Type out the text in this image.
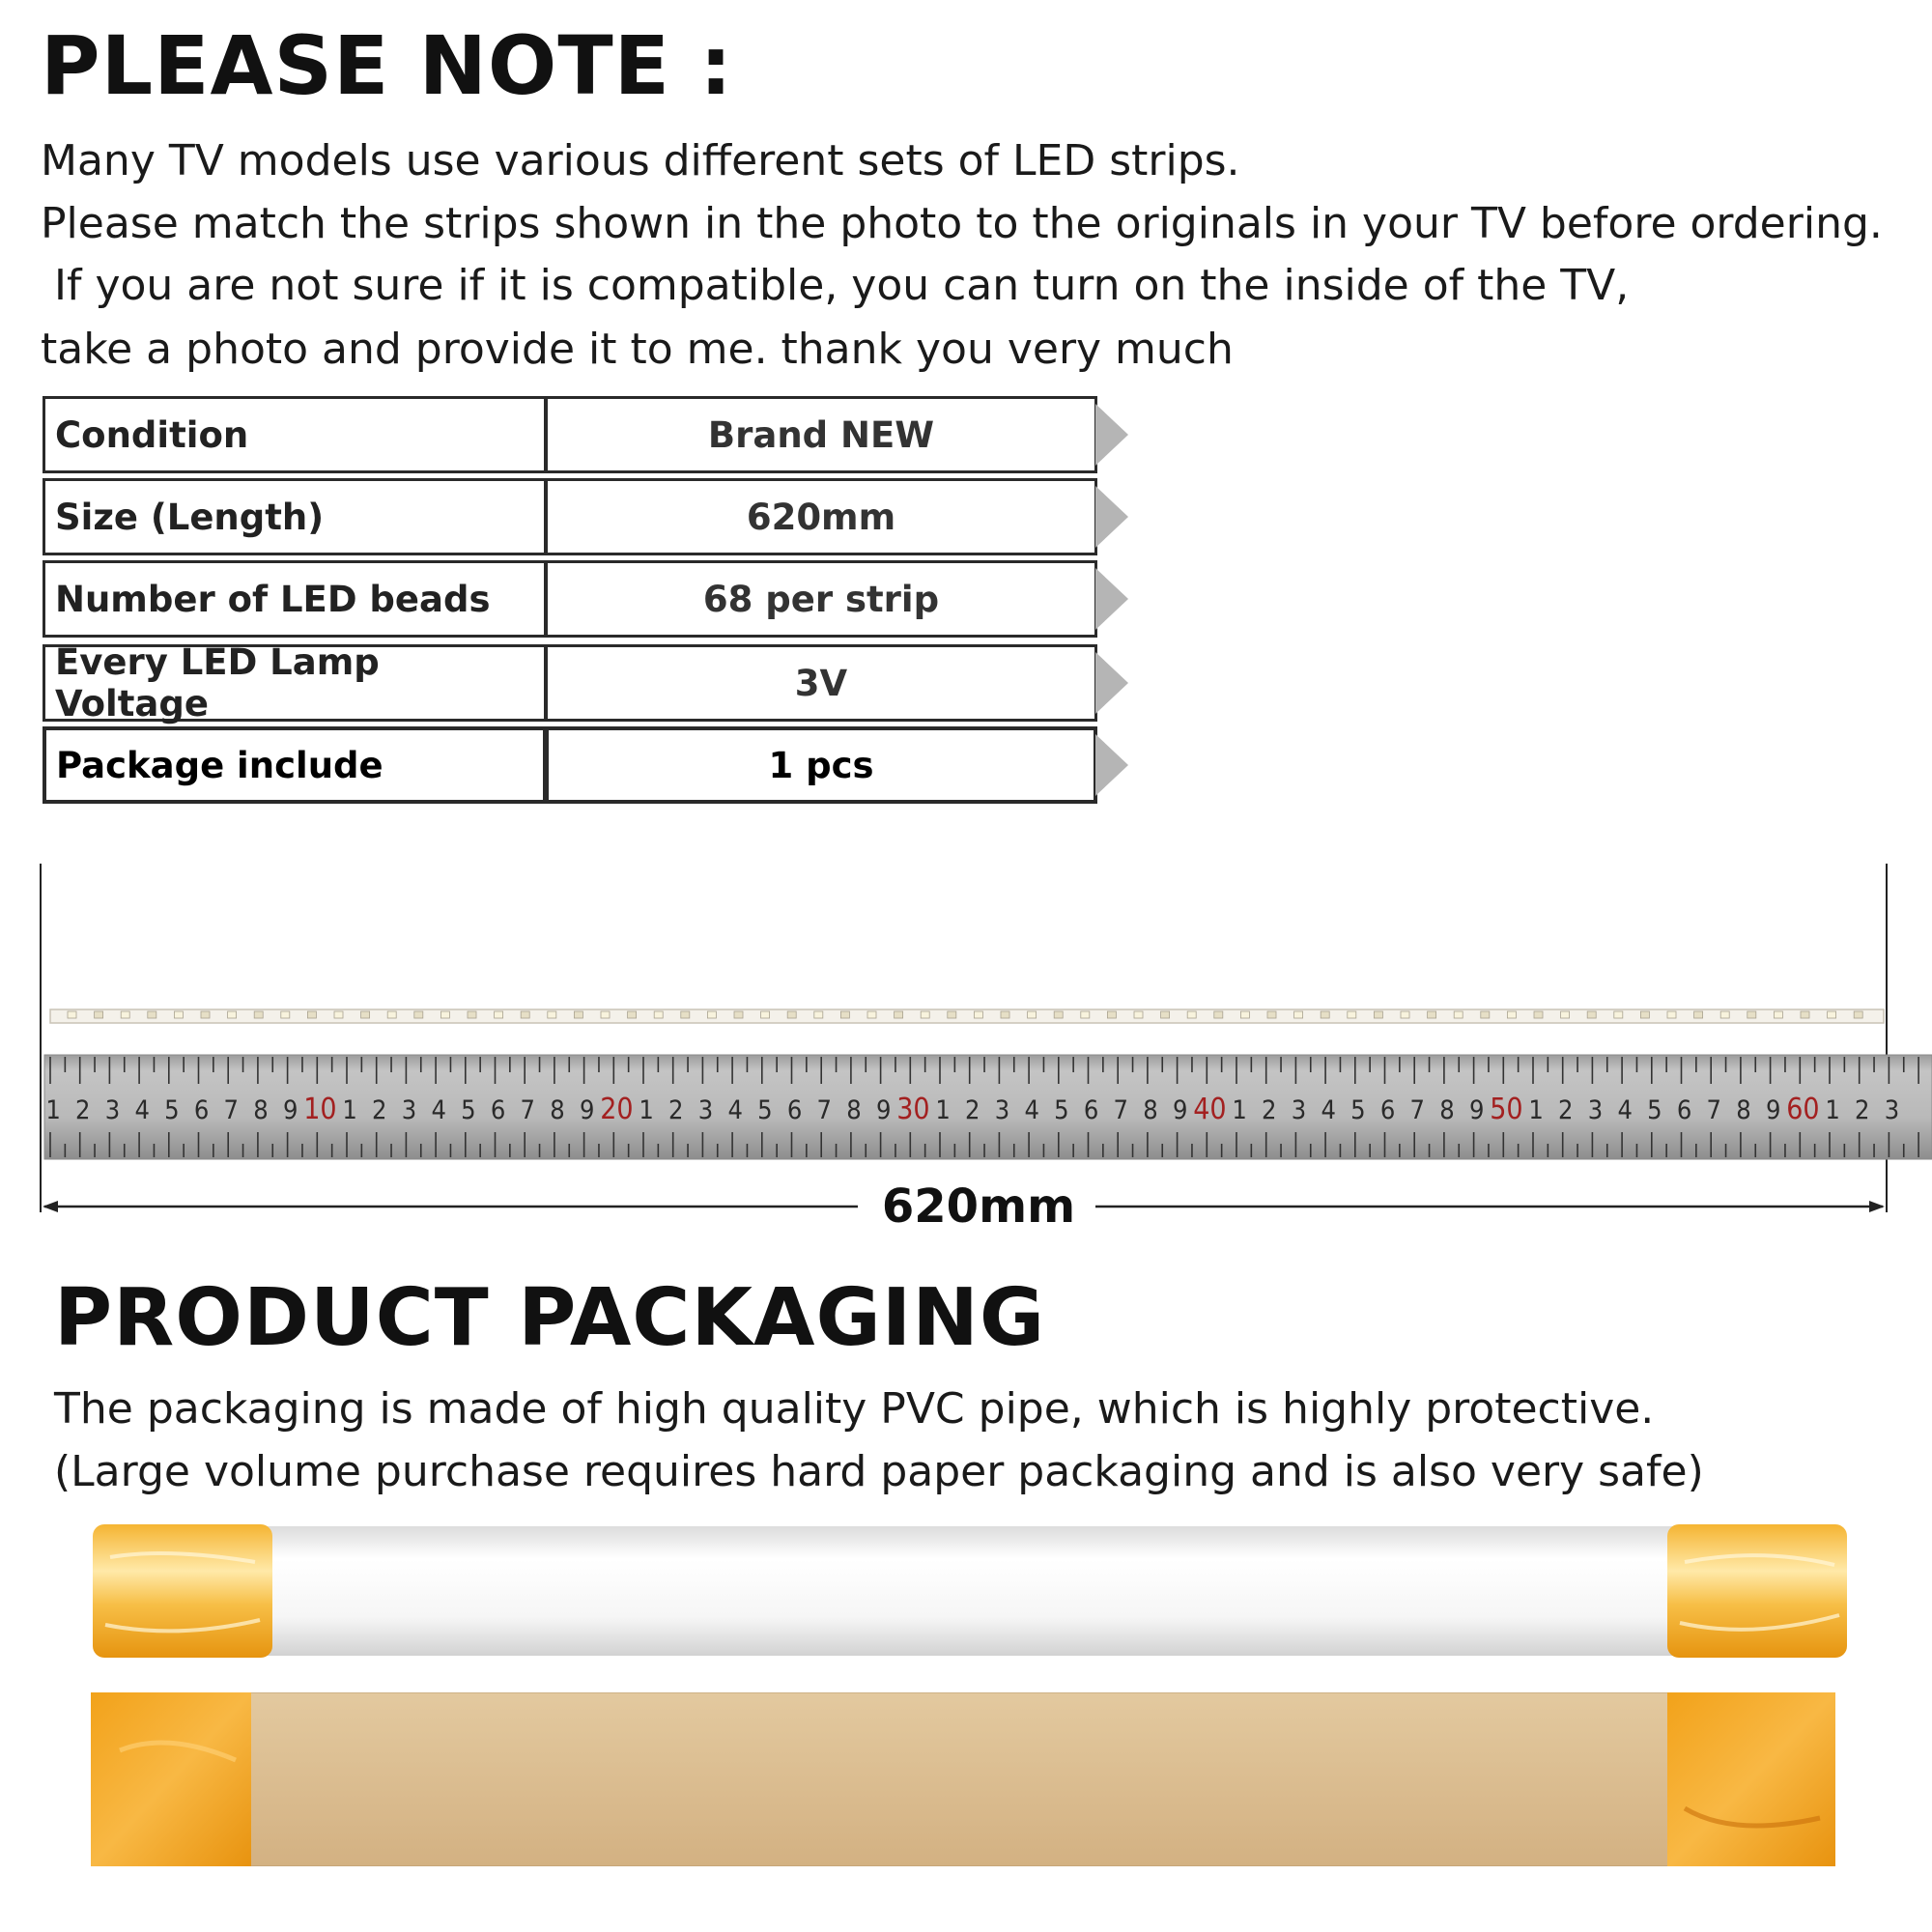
PLEASE NOTE :
Many TV models use various different sets of LED strips.
Please match the strips shown in the photo to the originals in your TV before ordering.
If you are not sure if it is compatible, you can turn on the inside of the TV,
take a photo and provide it to me. thank you very much
Condition	Brand NEW
Size (Length)	620mm
Number of LED beads	68 per strip
Every LED Lamp Voltage	3V
Package include	1 pcs
1 2 3 4 5 6 7 8 9 10 1 2 3 4 5 6 7 8 9 20 1 2 3 4 5 6 7 8 9 30 1 2 3 4 5 6 7 8 9 40 1 2 3 4 5 6 7 8 9 50 1 2 3 4 5 6 7 8 9 60 1 2 3
620mm
PRODUCT PACKAGING
The packaging is made of high quality PVC pipe, which is highly protective.
(Large volume purchase requires hard paper packaging and is also very safe)
